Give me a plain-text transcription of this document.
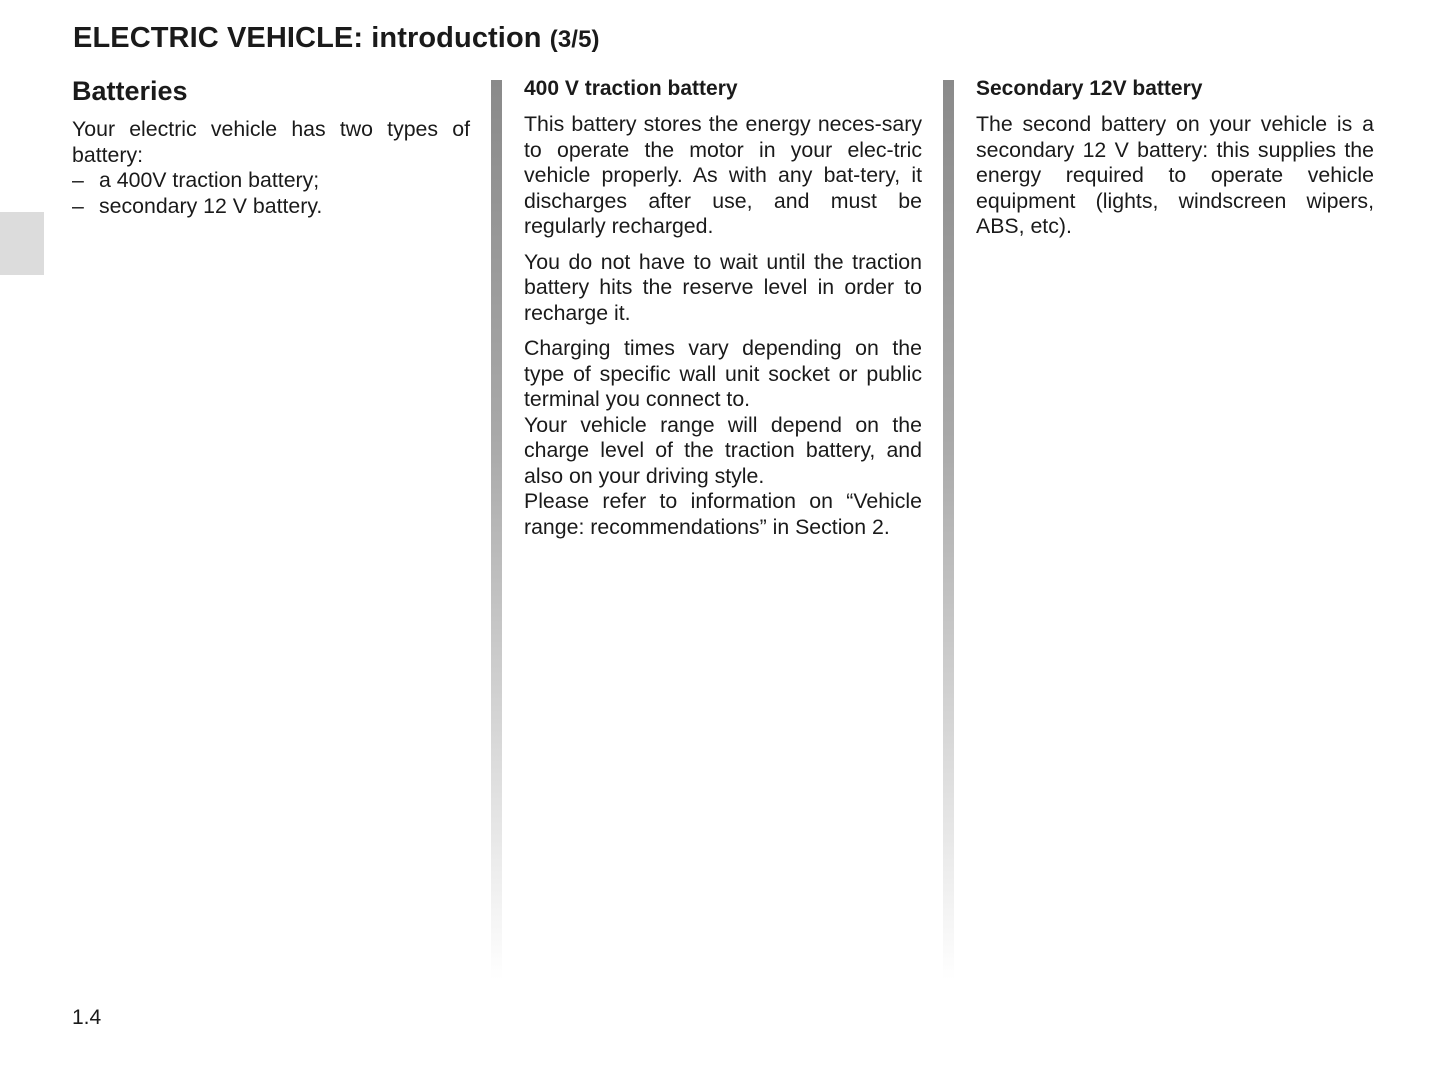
ELECTRIC VEHICLE: introduction (3/5)
Batteries

Your electric vehicle has two types of battery:

– a 400V traction battery;
– secondary 12 V battery.
400 V traction battery

This battery stores the energy neces-sary to operate the motor in your elec-tric vehicle properly. As with any bat-tery, it discharges after use, and must be regularly recharged.

You do not have to wait until the traction battery hits the reserve level in order to recharge it.

Charging times vary depending on the type of specific wall unit socket or public terminal you connect to.

Your vehicle range will depend on the charge level of the traction battery, and also on your driving style.

Please refer to information on “Vehicle range: recommendations” in Section 2.

Secondary 12V battery

The second battery on your vehicle is a secondary 12 V battery: this supplies the energy required to operate vehicle equipment (lights, windscreen wipers, ABS, etc).

1.4
